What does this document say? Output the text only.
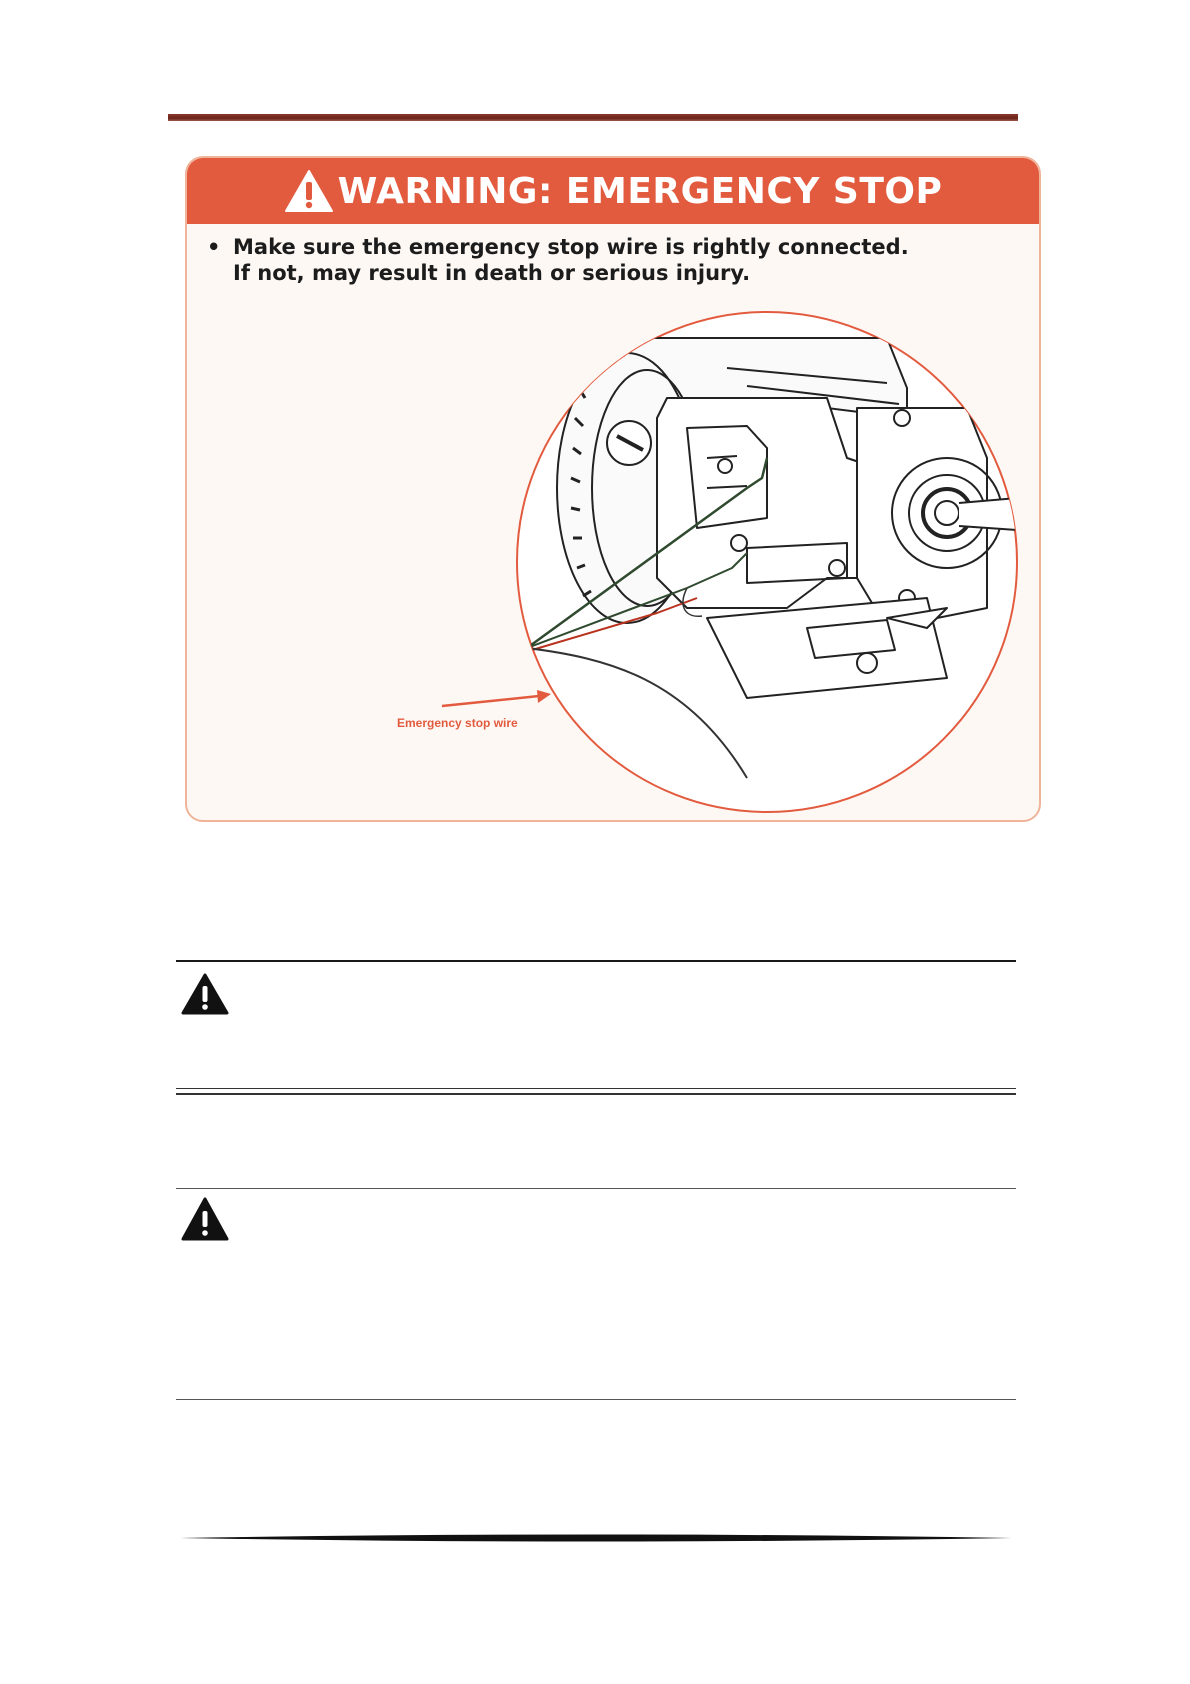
WARNING: EMERGENCY STOP
• Make sure the emergency stop wire is rightly connected.
If not, may result in death or serious injury.
Emergency stop wire
